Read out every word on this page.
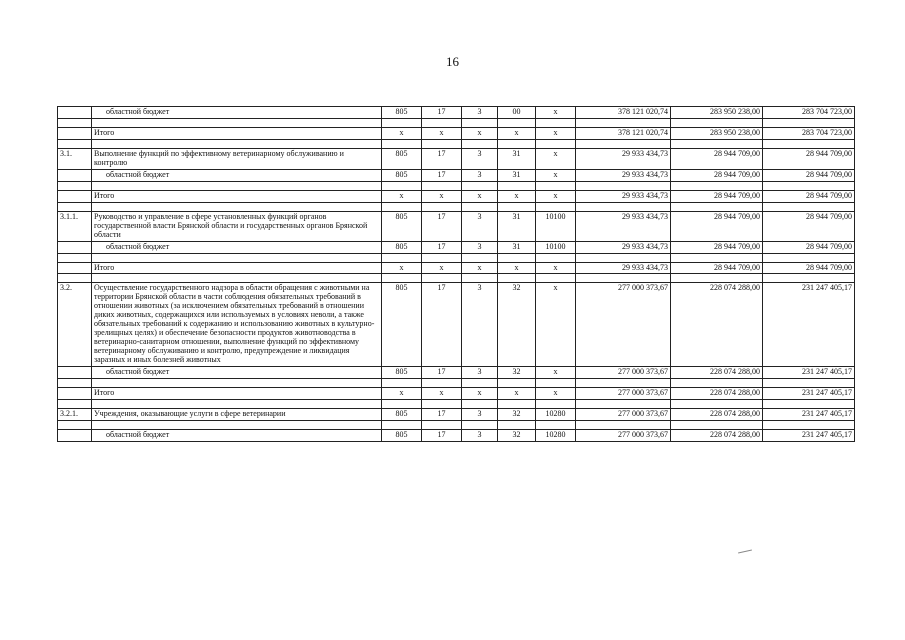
16
	областной бюджет	805	17	3	00	x	378 121 020,74	283 950 238,00	283 704 723,00

	Итого	x	x	x	x	x	378 121 020,74	283 950 238,00	283 704 723,00

3.1.	Выполнение функций по эффективному ветеринарному обслуживанию и контролю	805	17	3	31	x	29 933 434,73	28 944 709,00	28 944 709,00
	областной бюджет	805	17	3	31	x	29 933 434,73	28 944 709,00	28 944 709,00

	Итого	x	x	x	x	x	29 933 434,73	28 944 709,00	28 944 709,00

3.1.1.	Руководство и управление в сфере установленных функций органов государственной власти Брянской области и государственных органов Брянской области	805	17	3	31	10100	29 933 434,73	28 944 709,00	28 944 709,00
	областной бюджет	805	17	3	31	10100	29 933 434,73	28 944 709,00	28 944 709,00

	Итого	x	x	x	x	x	29 933 434,73	28 944 709,00	28 944 709,00

3.2.	Осуществление государственного надзора в области обращения с животными на территории Брянской области в части соблюдения обязательных требований в отношении животных (за исключением обязательных требований в отношении диких животных, содержащихся или используемых в условиях неволи, а также обязательных требований к содержанию и использованию животных в культурно-зрелищных целях) и обеспечение безопасности продуктов животноводства в ветеринарно-санитарном отношении, выполнение функций по эффективному ветеринарному обслуживанию и контролю, предупреждение и ликвидация заразных и иных болезней животных	805	17	3	32	x	277 000 373,67	228 074 288,00	231 247 405,17
	областной бюджет	805	17	3	32	x	277 000 373,67	228 074 288,00	231 247 405,17

	Итого	x	x	x	x	x	277 000 373,67	228 074 288,00	231 247 405,17

3.2.1.	Учреждения, оказывающие услуги в сфере ветеринарии	805	17	3	32	10280	277 000 373,67	228 074 288,00	231 247 405,17

	областной бюджет	805	17	3	32	10280	277 000 373,67	228 074 288,00	231 247 405,17
